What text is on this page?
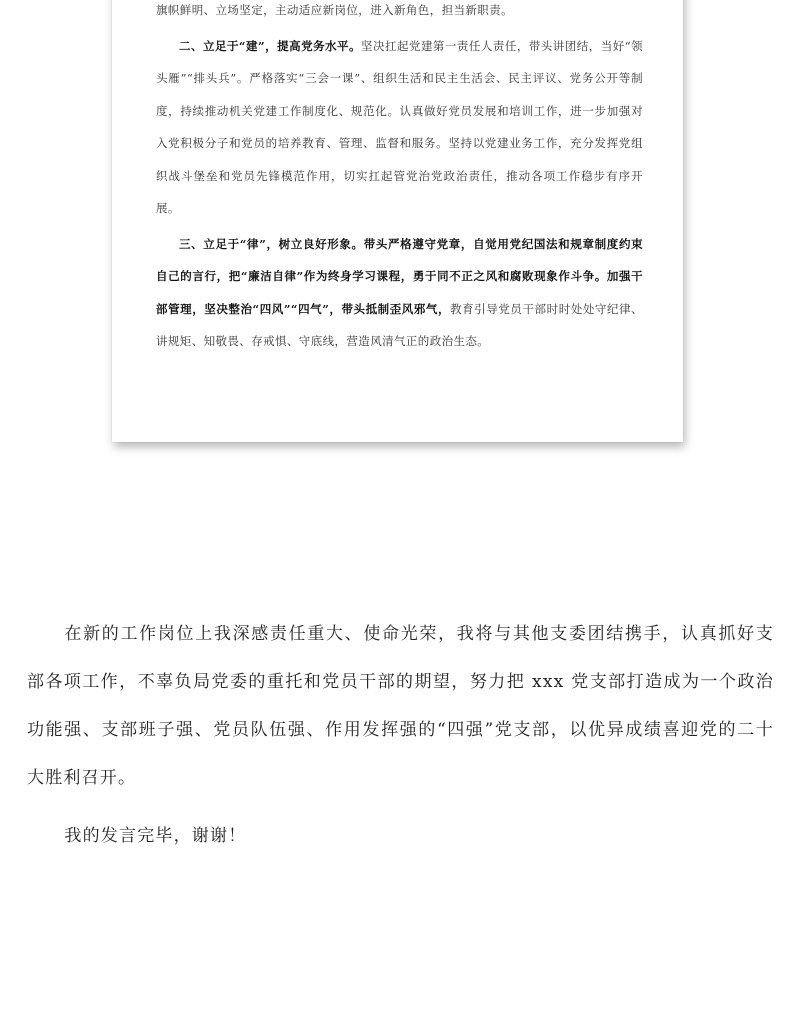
旗帜鲜明、立场坚定，主动适应新岗位，进入新角色，担当新职责。

二、立足于“建”，提高党务水平。坚决扛起党建第一责任人责任，带头讲团结，当好“领头雁”“排头兵”。严格落实“三会一课”、组织生活和民主生活会、民主评议、党务公开等制度，持续推动机关党建工作制度化、规范化。认真做好党员发展和培训工作，进一步加强对入党积极分子和党员的培养教育、管理、监督和服务。坚持以党建业务工作，充分发挥党组织战斗堡垒和党员先锋模范作用，切实扛起管党治党政治责任，推动各项工作稳步有序开展。

三、立足于“律”，树立良好形象。带头严格遵守党章，自觉用党纪国法和规章制度约束自己的言行，把“廉洁自律”作为终身学习课程，勇于同不正之风和腐败现象作斗争。加强干部管理，坚决整治“四风”“四气”，带头抵制歪风邪气，教育引导党员干部时时处处守纪律、讲规矩、知敬畏、存戒惧、守底线，营造风清气正的政治生态。

在新的工作岗位上我深感责任重大、使命光荣，我将与其他支委团结携手，认真抓好支部各项工作，不辜负局党委的重托和党员干部的期望，努力把 xxx 党支部打造成为一个政治功能强、支部班子强、党员队伍强、作用发挥强的“四强”党支部，以优异成绩喜迎党的二十大胜利召开。

我的发言完毕，谢谢！
